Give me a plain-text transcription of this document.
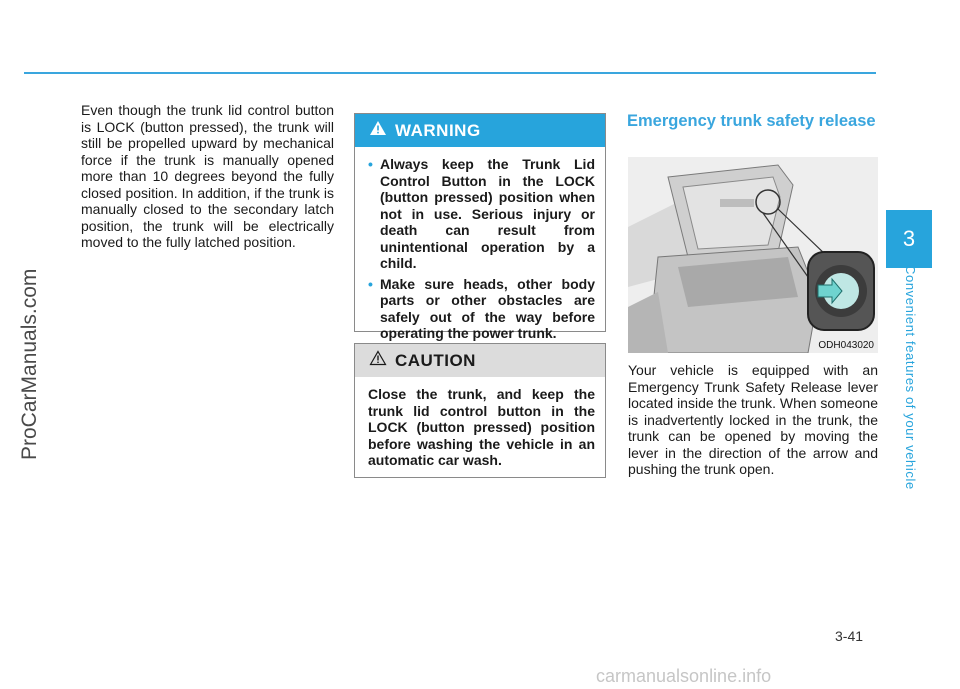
ProCarManuals.com
3
Convenient features of your vehicle
Even though the trunk lid control button is LOCK (button pressed), the trunk will still be propelled upward by mechanical force if the trunk is manually opened more than 10 degrees beyond the fully closed position. In addition, if the trunk is manually closed to the secondary latch position, the trunk will be electrically moved to the fully latched position.
WARNING
• Always keep the Trunk Lid Control Button in the LOCK (button pressed) position when not in use. Serious injury or death can result from unintentional operation by a child.
• Make sure heads, other body parts or other obstacles are safely out of the way before operating the power trunk.
CAUTION
Close the trunk, and keep the trunk lid control button in the LOCK (button pressed) position before washing the vehicle in an automatic car wash.
Emergency trunk safety release
ODH043020
Your vehicle is equipped with an Emergency Trunk Safety Release lever located inside the trunk. When someone is inadvertently locked in the trunk, the trunk can be opened by moving the lever in the direction of the arrow and pushing the trunk open.
3-41
carmanualsonline.info
